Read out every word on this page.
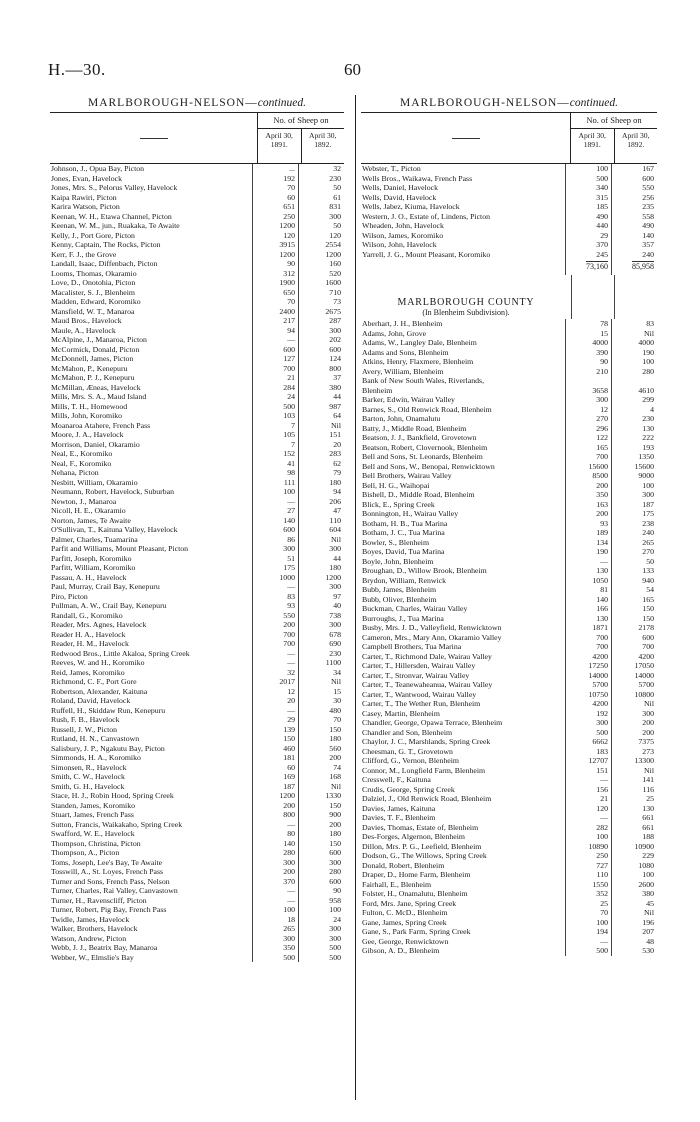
H.—30.	60
MARLBOROUGH-NELSON—continued.
No. of Sheep on
April 30, 1891.
April 30, 1892.
Johnson, J., Opua Bay, Picton	...	32
Jones, Evan, Havelock	192	230
Jones, Mrs. S., Pelorus Valley, Havelock	70	50
Kaipa Rawiri, Picton	60	61
Karira Watson, Picton	651	831
Keenan, W. H., Etawa Channel, Picton	250	300
Keenan, W. M., jun., Ruakaka, Te Awaite	1200	50
Kelly, J., Port Gore, Picton	120	120
Kenny, Captain, The Rocks, Picton	3915	2554
Kerr, F. J., the Grove	1200	1200
Landall, Isaac, Diffenbach, Picton	90	160
Looms, Thomas, Okaramio	312	520
Love, D., Onotohia, Picton	1900	1600
Macalister, S. J., Blenheim	650	710
Madden, Edward, Koromiko	70	73
Mansfield, W. T., Manaroa	2400	2675
Maud Bros., Havelock	217	287
Maule, A., Havelock	94	300
McAlpine, J., Manaroa, Picton	—	202
McCormick, Donald, Picton	600	600
McDonnell, James, Picton	127	124
McMahon, P., Kenepuru	700	800
McMahon, P. J., Kenepuru	21	37
McMillan, Æneas, Havelock	284	380
Mills, Mrs. S. A., Maud Island	24	44
Mills, T. H., Homewood	500	987
Mills, John, Koromiko	103	64
Moanaroa Atahere, French Pass	7	Nil
Moore, J. A., Havelock	105	151
Morrison, Daniel, Okaramio	7	20
Neal, E., Koromiko	152	283
Neal, F., Koromiko	41	62
Nehana, Picton	98	79
Nesbitt, William, Okaramio	111	180
Neumann, Robert, Havelock, Suburban	100	94
Newton, J., Manaroa	—	206
Nicoll, H. E., Okaramio	27	47
Norton, James, Te Awaite	140	110
O'Sullivan, T., Kaituna Valley, Havelock	600	604
Palmer, Charles, Tuamarina	86	Nil
Parfit and Williams, Mount Pleasant, Picton	300	300
Parfitt, Joseph, Koromiko	51	44
Parfitt, William, Koromiko	175	180
Passau, A. H., Havelock	1000	1200
Paul, Murray, Crail Bay, Kenepuru	—	300
Piro, Picton	83	97
Pullman, A. W., Crail Bay, Kenepuru	93	40
Randall, G., Koromiko	550	738
Reader, Mrs. Agnes, Havelock	200	300
Reader H. A., Havelock	700	678
Reader, H. M., Havelock	700	690
Redwood Bros., Little Akaloa, Spring Creek	—	230
Reeves, W. and H., Koromiko	—	1100
Reid, James, Koromiko	32	34
Richmond, C. F., Port Gore	2017	Nil
Robertson, Alexander, Kaituna	12	15
Roland, David, Havelock	20	30
Ruffell, H., Skiddaw Run, Kenepuru	—	480
Rush, F. B., Havelock	29	70
Russell, J. W., Picton	139	150
Rutland, H. N., Canvastown	150	180
Salisbury, J. P., Ngakutu Bay, Picton	460	560
Simmonds, H. A., Koromiko	181	200
Simonsen, R., Havelock	60	74
Smith, C. W., Havelock	169	168
Smith, G. H., Havelock	187	Nil
Stace, H. J., Robin Hood, Spring Creek	1200	1330
Standen, James, Koromiko	200	150
Stuart, James, French Pass	800	900
Sutton, Francis, Waikakaho, Spring Creek	—	200
Swafford, W. E., Havelock	80	180
Thompson, Christina, Picton	140	150
Thompson, A., Picton	280	600
Toms, Joseph, Lee's Bay, Te Awaite	300	300
Tosswill, A., St. Loyes, French Pass	200	280
Turner and Sons, French Pass, Nelson	370	600
Turner, Charles, Rai Valley, Canvastown	—	90
Turner, H., Ravenscliff, Picton	—	958
Turner, Robert, Pig Bay, French Pass	100	100
Twidle, James, Havelock	18	24
Walker, Brothers, Havelock	265	300
Watson, Andrew, Picton	300	300
Webb, J. J., Beatrix Bay, Manaroa	350	500
Webber, W., Elmslie's Bay	500	500
MARLBOROUGH-NELSON—continued.
No. of Sheep on
April 30, 1891.
April 30, 1892.
Webster, T., Picton	100	167
Wells Bros., Waikawa, French Pass	500	600
Wells, Daniel, Havelock	340	550
Wells, David, Havelock	315	256
Wells, Jabez, Kiuma, Havelock	185	235
Western, J. O., Estate of, Lindens, Picton	490	558
Wheaden, John, Havelock	440	490
Wilson, James, Koromiko	29	140
Wilson, John, Havelock	370	357
Yarrell, J. G., Mount Pleasant, Koromiko	245	240
73,160	85,958
MARLBOROUGH COUNTY
(In Blenheim Subdivision).
Aberhart, J. H., Blenheim	78	83
Adams, John, Grove	15	Nil
Adams, W., Langley Dale, Blenheim	4000	4000
Adams and Sons, Blenheim	390	190
Atkins, Henry, Flaxmere, Blenheim	90	100
Avery, William, Blenheim	210	280
Bank of New South Wales, Riverlands,
Blenheim	3658	4610
Barker, Edwin, Wairau Valley	300	299
Barnes, S., Old Renwick Road, Blenheim	12	4
Barton, John, Onamalutu	270	230
Batty, J., Middle Road, Blenheim	296	130
Beatson, J. J., Bankfield, Grovetown	122	222
Beatson, Robert, Clovernook, Blenheim	165	193
Bell and Sons, St. Leonards, Blenheim	700	1350
Bell and Sons, W., Benopai, Renwicktown	15600	15600
Bell Brothers, Wairau Valley	8500	9000
Bell, H. G., Waihopai	200	100
Bishell, D., Middle Road, Blenheim	350	300
Blick, E., Spring Creek	163	187
Bonnington, H., Wairau Valley	200	175
Botham, H. B., Tua Marina	93	238
Botham, J. C., Tua Marina	189	240
Bowler, S., Blenheim	134	265
Boyes, David, Tua Marina	190	270
Boyle, John, Blenheim	—	50
Broughan, D., Willow Brook, Blenheim	130	133
Brydon, William, Renwick	1050	940
Bubb, James, Blenheim	81	54
Bubb, Oliver, Blenheim	140	165
Buckman, Charles, Wairau Valley	166	150
Burroughs, J., Tua Marina	130	150
Busby, Mrs. J. D., Valleyfield, Renwicktown	1871	2178
Cameron, Mrs., Mary Ann, Okaramio Valley	700	600
Campbell Brothers, Tua Marina	700	700
Carter, T., Richmond Dale, Wairau Valley	4200	4200
Carter, T., Hillersden, Wairau Valley	17250	17050
Carter, T., Stronvar, Wairau Valley	14000	14000
Carter, T., Teanewaheanua, Wairau Valley	5700	5700
Carter, T., Wantwood, Wairau Valley	10750	10800
Carter, T., The Wether Run, Blenheim	4200	Nil
Casey, Martin, Blenheim	192	300
Chandler, George, Opawa Terrace, Blenheim	300	200
Chandler and Son, Blenheim	500	200
Chaylor, J. C., Marshlands, Spring Creek	6662	7375
Cheesman, G. T., Grovetown	183	273
Clifford, G., Vernon, Blenheim	12707	13300
Connor, M., Longfield Farm, Blenheim	151	Nil
Cresswell, F., Kaituna	—	141
Crudis, George, Spring Creek	156	116
Dalziel, J., Old Renwick Road, Blenheim	21	25
Davies, James, Kaituna	120	130
Davies, T. F., Blenheim	—	661
Davies, Thomas, Estate of, Blenheim	282	661
Des-Forges, Algernon, Blenheim	100	188
Dillon, Mrs. P. G., Leefield, Blenheim	10890	10900
Dodson, G., The Willows, Spring Creek	250	229
Donald, Robert, Blenheim	727	1080
Draper, D., Home Farm, Blenheim	110	100
Fairhall, E., Blenheim	1550	2600
Folster, H., Onamalutu, Blenheim	352	380
Ford, Mrs. Jane, Spring Creek	25	45
Fulton, C. McD., Blenheim	70	Nil
Gane, James, Spring Creek	100	196
Gane, S., Park Farm, Spring Creek	194	207
Gee, George, Renwicktown	—	48
Gibson, A. D., Blenheim	500	530
